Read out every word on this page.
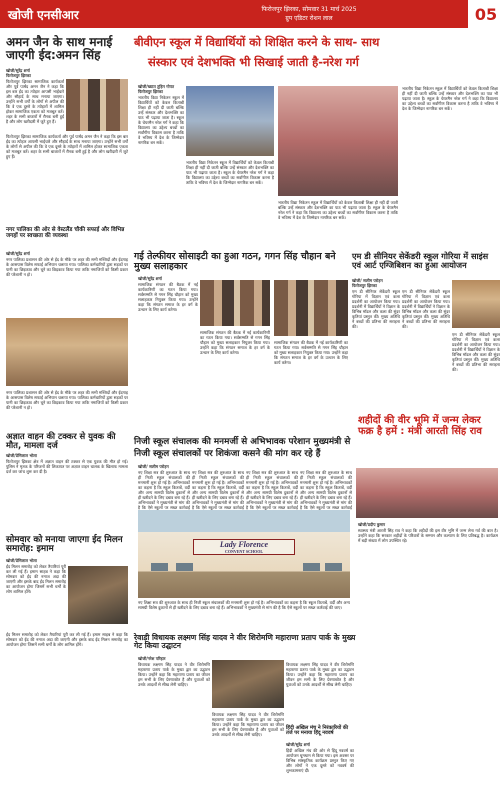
खोजी एनसीआर	फिरोजपुर झिरका, सोमवार 31 मार्च 2025
ग्रुप एडिटर रोशन लाल	05
अमन जैन के साथ मनाई जाएगी ईद:अमन सिंह
खोजी/सुरेंद्र शर्मा
फिरोजपुर झिरका
फिरोजपुर झिरका सामाजिक कार्यकर्ता और पूर्व पार्षद अमन जैन ने कहा कि इस बार ईद का त्योहार आपसी भाईचारे और सौहार्द के साथ मनाया जाएगा। उन्होंने सभी वर्गों के लोगों से अपील की कि वे एक दूसरे के त्योहारों में शामिल होकर सामाजिक एकता को मजबूत करें। शहर के सभी बाजारों में रौनक बनी हुई है और लोग खरीदारी में जुटे हुए हैं।
फिरोजपुर झिरका सामाजिक कार्यकर्ता और पूर्व पार्षद अमन जैन ने कहा कि इस बार ईद का त्योहार आपसी भाईचारे और सौहार्द के साथ मनाया जाएगा। उन्होंने सभी वर्गों के लोगों से अपील की कि वे एक दूसरे के त्योहारों में शामिल होकर सामाजिक एकता को मजबूत करें। शहर के सभी बाजारों में रौनक बनी हुई है और लोग खरीदारी में जुटे हुए हैं।
नगर पालिका की ओर से वेस्टलैंड चौकी सफाई और विभिन्न जगहों पर स्वच्छता की व्यवस्था
खोजी/सुरेंद्र शर्मा
नगर पालिका प्रशासन की ओर से ईद के मौके पर शहर की सभी मस्जिदों और ईदगाह के आसपास विशेष सफाई अभियान चलाया गया। पालिका कर्मचारियों द्वारा सड़कों पर पानी का छिड़काव और चूने का छिड़काव किया गया ताकि नमाजियों को किसी प्रकार की परेशानी न हो।
नगर पालिका प्रशासन की ओर से ईद के मौके पर शहर की सभी मस्जिदों और ईदगाह के आसपास विशेष सफाई अभियान चलाया गया। पालिका कर्मचारियों द्वारा सड़कों पर पानी का छिड़काव और चूने का छिड़काव किया गया ताकि नमाजियों को किसी प्रकार की परेशानी न हो।
अज्ञात वाहन की टक्कर से युवक की मौत, मामला दर्ज
खोजी/प्रेमिलाल भोला
फिरोजपुर झिरका क्षेत्र में अज्ञात वाहन की टक्कर से एक युवक की मौत हो गई। पुलिस ने मृतक के परिजनों की शिकायत पर अज्ञात वाहन चालक के खिलाफ मामला दर्ज कर जांच शुरू कर दी है।
सोमवार को मनाया जाएगा ईद मिलन समारोह: इमाम
खोजी/प्रेमिलाल भोला
ईद मिलन समारोह को लेकर तैयारियां पूरी कर ली गई हैं। इमाम साहब ने कहा कि सोमवार को ईद की नमाज अदा की जाएगी और इसके बाद ईद मिलन समारोह का आयोजन होगा जिसमें सभी धर्मों के लोग शामिल होंगे।
ईद मिलन समारोह को लेकर तैयारियां पूरी कर ली गई हैं। इमाम साहब ने कहा कि सोमवार को ईद की नमाज अदा की जाएगी और इसके बाद ईद मिलन समारोह का आयोजन होगा जिसमें सभी धर्मों के लोग शामिल होंगे।
बीवीएन स्कूल में विद्यार्थियों को शिक्षित करने के साथ- साथ
संस्कार एवं देशभक्ति भी सिखाई जाती है-नरेश गर्ग
खोजी/ख्यात तुहिन गोयत
फिरोजपुर झिरका
भारतीय विद्या निकेतन स्कूल में विद्यार्थियों को केवल किताबी शिक्षा ही नहीं दी जाती बल्कि उन्हें संस्कार और देशभक्ति का पाठ भी पढ़ाया जाता है। स्कूल के चेयरमैन नरेश गर्ग ने कहा कि विद्यालय का उद्देश्य बच्चों का सर्वांगीण विकास करना है ताकि वे भविष्य में देश के जिम्मेदार नागरिक बन सकें।
भारतीय विद्या निकेतन स्कूल में विद्यार्थियों को केवल किताबी शिक्षा ही नहीं दी जाती बल्कि उन्हें संस्कार और देशभक्ति का पाठ भी पढ़ाया जाता है। स्कूल के चेयरमैन नरेश गर्ग ने कहा कि विद्यालय का उद्देश्य बच्चों का सर्वांगीण विकास करना है ताकि वे भविष्य में देश के जिम्मेदार नागरिक बन सकें।
भारतीय विद्या निकेतन स्कूल में विद्यार्थियों को केवल किताबी शिक्षा ही नहीं दी जाती बल्कि उन्हें संस्कार और देशभक्ति का पाठ भी पढ़ाया जाता है। स्कूल के चेयरमैन नरेश गर्ग ने कहा कि विद्यालय का उद्देश्य बच्चों का सर्वांगीण विकास करना है ताकि वे भविष्य में देश के जिम्मेदार नागरिक बन सकें।
भारतीय विद्या निकेतन स्कूल में विद्यार्थियों को केवल किताबी शिक्षा ही नहीं दी जाती बल्कि उन्हें संस्कार और देशभक्ति का पाठ भी पढ़ाया जाता है। स्कूल के चेयरमैन नरेश गर्ग ने कहा कि विद्यालय का उद्देश्य बच्चों का सर्वांगीण विकास करना है ताकि वे भविष्य में देश के जिम्मेदार नागरिक बन सकें।
गई तेल्फीयर सोसाइटी का हुआ गठन, गगन सिंह चौहान बने मुख्य सलाहकार
खोजी/सुरेंद्र शर्मा
सामाजिक संगठन की बैठक में नई कार्यकारिणी का गठन किया गया। सर्वसम्मति से गगन सिंह चौहान को मुख्य सलाहकार नियुक्त किया गया। उन्होंने कहा कि संगठन समाज के हर वर्ग के उत्थान के लिए कार्य करेगा।
सामाजिक संगठन की बैठक में नई कार्यकारिणी का गठन किया गया। सर्वसम्मति से गगन सिंह चौहान को मुख्य सलाहकार नियुक्त किया गया। उन्होंने कहा कि संगठन समाज के हर वर्ग के उत्थान के लिए कार्य करेगा।
सामाजिक संगठन की बैठक में नई कार्यकारिणी का गठन किया गया। सर्वसम्मति से गगन सिंह चौहान को मुख्य सलाहकार नियुक्त किया गया। उन्होंने कहा कि संगठन समाज के हर वर्ग के उत्थान के लिए कार्य करेगा।
एम डी सीनियर सेकेंडरी स्कूल गोरिया में साइंस एवं आर्ट एग्जिबिशन का हुआ आयोजन
खोजी/ सलीम परोहन
फिरोजपुर झिरका
एम डी सीनियर सेकेंडरी स्कूल गोरिया में विज्ञान एवं कला प्रदर्शनी का आयोजन किया गया। प्रदर्शनी में विद्यार्थियों ने विज्ञान के विभिन्न मॉडल और कला की सुंदर कृतियां प्रस्तुत कीं। मुख्य अतिथि ने बच्चों की प्रतिभा की सराहना की।
एम डी सीनियर सेकेंडरी स्कूल गोरिया में विज्ञान एवं कला प्रदर्शनी का आयोजन किया गया। प्रदर्शनी में विद्यार्थियों ने विज्ञान के विभिन्न मॉडल और कला की सुंदर कृतियां प्रस्तुत कीं। मुख्य अतिथि ने बच्चों की प्रतिभा की सराहना की।
एम डी सीनियर सेकेंडरी स्कूल गोरिया में विज्ञान एवं कला प्रदर्शनी का आयोजन किया गया। प्रदर्शनी में विद्यार्थियों ने विज्ञान के विभिन्न मॉडल और कला की सुंदर कृतियां प्रस्तुत कीं। मुख्य अतिथि ने बच्चों की प्रतिभा की सराहना की।
निजी स्कूल संचालक की मनमर्जी से अभिभावक परेशान मुख्यमंत्री से
निजी स्कूल संचालकों पर शिकंजा कसने की मांग कर रहे हैं
खोजी/ सलीम परोहन
नए शिक्षा सत्र की शुरुआत के साथ ही निजी स्कूल संचालकों की मनमानी शुरू हो गई है। अभिभावकों का कहना है कि स्कूल किताबें, वर्दी और अन्य सामग्री विशेष दुकानों से ही खरीदने के लिए दबाव बना रहे हैं। अभिभावकों ने मुख्यमंत्री से मांग की है कि ऐसे स्कूलों पर सख्त कार्रवाई
नए शिक्षा सत्र की शुरुआत के साथ ही निजी स्कूल संचालकों की मनमानी शुरू हो गई है। अभिभावकों का कहना है कि स्कूल किताबें, वर्दी और अन्य सामग्री विशेष दुकानों से ही खरीदने के लिए दबाव बना रहे हैं। अभिभावकों ने मुख्यमंत्री से मांग की है कि ऐसे स्कूलों पर सख्त कार्रवाई
नए शिक्षा सत्र की शुरुआत के साथ ही निजी स्कूल संचालकों की मनमानी शुरू हो गई है। अभिभावकों का कहना है कि स्कूल किताबें, वर्दी और अन्य सामग्री विशेष दुकानों से ही खरीदने के लिए दबाव बना रहे हैं। अभिभावकों ने मुख्यमंत्री से मांग की है कि ऐसे स्कूलों पर सख्त कार्रवाई
नए शिक्षा सत्र की शुरुआत के साथ ही निजी स्कूल संचालकों की मनमानी शुरू हो गई है। अभिभावकों का कहना है कि स्कूल किताबें, वर्दी और अन्य सामग्री विशेष दुकानों से ही खरीदने के लिए दबाव बना रहे हैं। अभिभावकों ने मुख्यमंत्री से मांग की है कि ऐसे स्कूलों पर सख्त कार्रवाई
Lady Florence
CONVENT SCHOOL
नए शिक्षा सत्र की शुरुआत के साथ ही निजी स्कूल संचालकों की मनमानी शुरू हो गई है। अभिभावकों का कहना है कि स्कूल किताबें, वर्दी और अन्य सामग्री विशेष दुकानों से ही खरीदने के लिए दबाव बना रहे हैं। अभिभावकों ने मुख्यमंत्री से मांग की है कि ऐसे स्कूलों पर सख्त कार्रवाई की जाए।
शहीदों की वीर भूमि में जन्म लेकर फक्र है हमें : मंत्री आरती सिंह राव
खोजी/प्रदीप कुमार
स्वास्थ्य मंत्री आरती सिंह राव ने कहा कि शहीदों की इस वीर भूमि में जन्म लेना गर्व की बात है। उन्होंने कहा कि सरकार शहीदों के परिवारों के सम्मान और कल्याण के लिए प्रतिबद्ध है। कार्यक्रम में बड़ी संख्या में लोग उपस्थित रहे।
रेवाड़ी विधायक लक्ष्मण सिंह यादव ने वीर शिरोमणि महाराणा प्रताप पार्क के मुख्य गेट किया उद्घाटन
खोजी/नरेश परिहार
विधायक लक्ष्मण सिंह यादव ने वीर शिरोमणि महाराणा प्रताप पार्क के मुख्य द्वार का उद्घाटन किया। उन्होंने कहा कि महाराणा प्रताप का जीवन हम सभी के लिए प्रेरणास्रोत है और युवाओं को उनके आदर्शों से सीख लेनी चाहिए।
विधायक लक्ष्मण सिंह यादव ने वीर शिरोमणि महाराणा प्रताप पार्क के मुख्य द्वार का उद्घाटन किया। उन्होंने कहा कि महाराणा प्रताप का जीवन हम सभी के लिए प्रेरणास्रोत है और युवाओं को उनके आदर्शों से सीख लेनी चाहिए।
विधायक लक्ष्मण सिंह यादव ने वीर शिरोमणि महाराणा प्रताप पार्क के मुख्य द्वार का उद्घाटन किया। उन्होंने कहा कि महाराणा प्रताप का जीवन हम सभी के लिए प्रेरणास्रोत है और युवाओं को उनके आदर्शों से सीख लेनी चाहिए।
हिंदी अखिल मंच ने निरंकारियों की तर्ज पर मनाया हिंदू नववर्ष
खोजी/सुरेंद्र शर्मा
हिंदी अखिल मंच की ओर से हिंदू नववर्ष का आयोजन धूमधाम से किया गया। इस अवसर पर विभिन्न सांस्कृतिक कार्यक्रम प्रस्तुत किए गए और लोगों ने एक दूसरे को नववर्ष की शुभकामनाएं दीं।
